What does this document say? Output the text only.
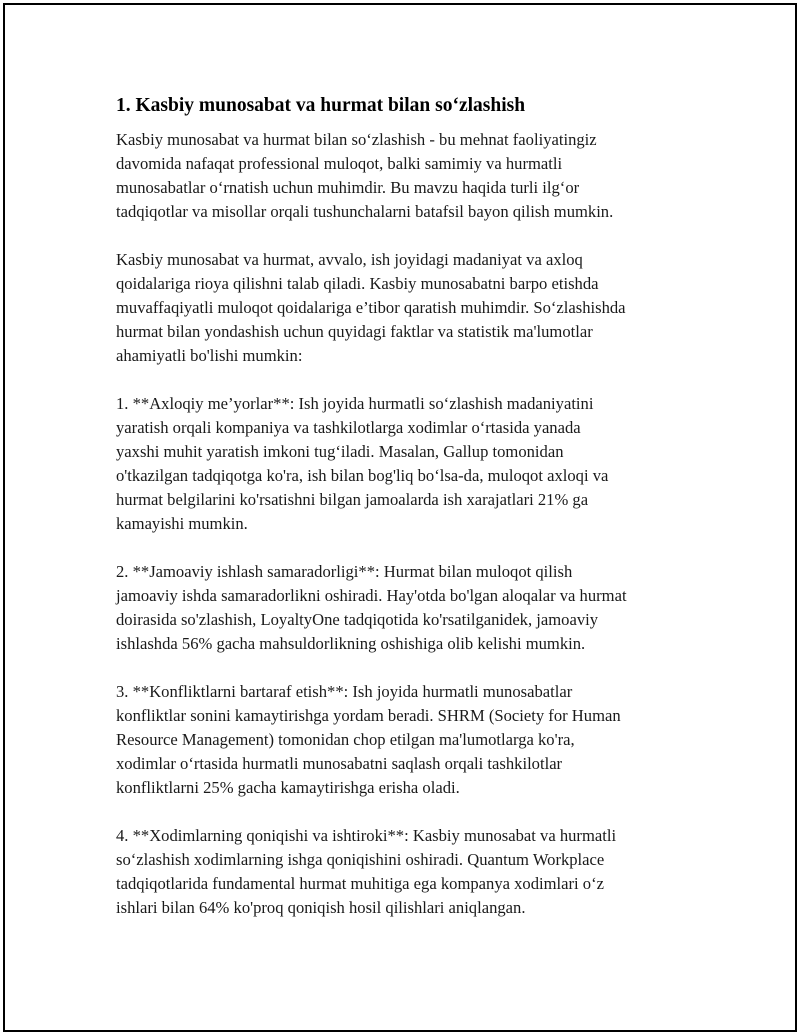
1. Kasbiy munosabat va hurmat bilan so‘zlashish

Kasbiy munosabat va hurmat bilan so‘zlashish - bu mehnat faoliyatingiz
davomida nafaqat professional muloqot, balki samimiy va hurmatli
munosabatlar o‘rnatish uchun muhimdir. Bu mavzu haqida turli ilg‘or
tadqiqotlar va misollar orqali tushunchalarni batafsil bayon qilish mumkin.

Kasbiy munosabat va hurmat, avvalo, ish joyidagi madaniyat va axloq
qoidalariga rioya qilishni talab qiladi. Kasbiy munosabatni barpo etishda
muvaffaqiyatli muloqot qoidalariga e’tibor qaratish muhimdir. So‘zlashishda
hurmat bilan yondashish uchun quyidagi faktlar va statistik ma'lumotlar
ahamiyatli bo'lishi mumkin:

1. **Axloqiy me’yorlar**: Ish joyida hurmatli so‘zlashish madaniyatini
yaratish orqali kompaniya va tashkilotlarga xodimlar o‘rtasida yanada
yaxshi muhit yaratish imkoni tug‘iladi. Masalan, Gallup tomonidan
o'tkazilgan tadqiqotga ko'ra, ish bilan bog'liq bo‘lsa-da, muloqot axloqi va
hurmat belgilarini ko'rsatishni bilgan jamoalarda ish xarajatlari 21% ga
kamayishi mumkin.

2. **Jamoaviy ishlash samaradorligi**: Hurmat bilan muloqot qilish
jamoaviy ishda samaradorlikni oshiradi. Hay'otda bo'lgan aloqalar va hurmat
doirasida so'zlashish, LoyaltyOne tadqiqotida ko'rsatilganidek, jamoaviy
ishlashda 56% gacha mahsuldorlikning oshishiga olib kelishi mumkin.

3. **Konfliktlarni bartaraf etish**: Ish joyida hurmatli munosabatlar
konfliktlar sonini kamaytirishga yordam beradi. SHRM (Society for Human
Resource Management) tomonidan chop etilgan ma'lumotlarga ko'ra,
xodimlar o‘rtasida hurmatli munosabatni saqlash orqali tashkilotlar
konfliktlarni 25% gacha kamaytirishga erisha oladi.

4. **Xodimlarning qoniqishi va ishtiroki**: Kasbiy munosabat va hurmatli
so‘zlashish xodimlarning ishga qoniqishini oshiradi. Quantum Workplace
tadqiqotlarida fundamental hurmat muhitiga ega kompanya xodimlari o‘z
ishlari bilan 64% ko'proq qoniqish hosil qilishlari aniqlangan.
